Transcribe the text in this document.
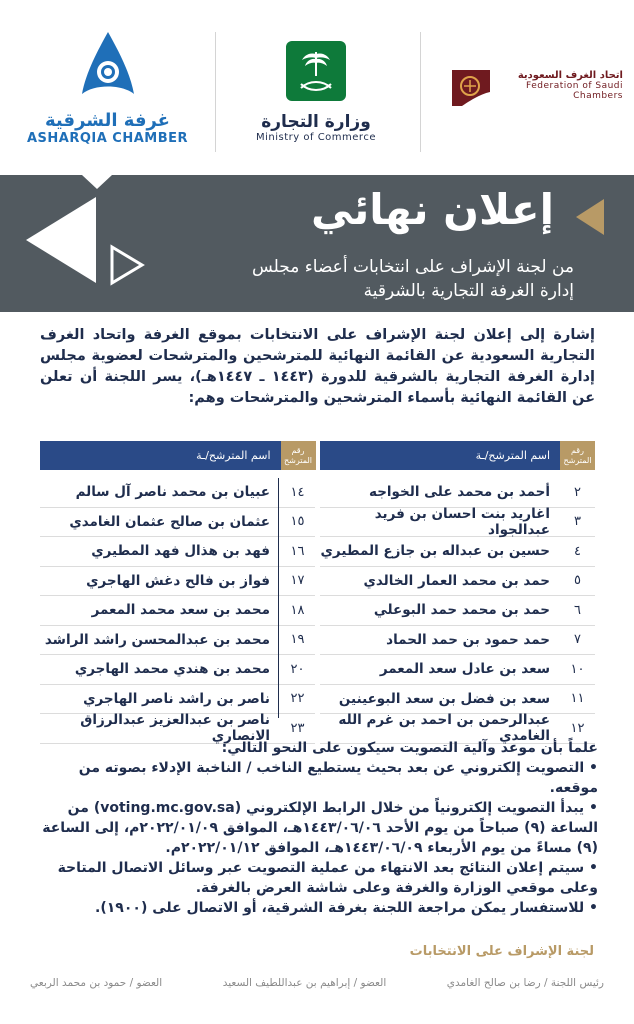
غرفة الشرقية
ASHARQIA CHAMBER
وزارة التجارة
Ministry of Commerce
اتحاد الغرف السعودية
Federation of Saudi Chambers
إعلان نهائي
من لجنة الإشراف على انتخابات أعضاء مجلس
إدارة الغرفة التجارية بالشرقية
إشارة إلى إعلان لجنة الإشراف على الانتخابات بموقع الغرفة واتحاد الغرف التجارية السعودية عن القائمة النهائية للمترشحين والمترشحات لعضوية مجلس إدارة الغرفة التجارية بالشرقية للدورة (١٤٤٣ ـ ١٤٤٧هـ)، يسر اللجنة أن تعلن عن القائمة النهائية بأسماء المترشحين والمترشحات وهم:
رقم المترشح
اسم المترشح/ـة
رقم المترشح
اسم المترشح/ـة
٢
أحمد بن محمد على الخواجه
١٤
عبيان بن محمد ناصر آل سالم
٣
اغاريد بنت احسان بن فريد عبدالجواد
١٥
عثمان بن صالح عثمان الغامدي
٤
حسين بن عبداله بن جازع المطيري
١٦
فهد بن هذال فهد المطيري
٥
حمد بن محمد العمار الخالدي
١٧
فواز بن فالح دغش الهاجري
٦
حمد بن محمد حمد البوعلي
١٨
محمد بن سعد محمد المعمر
٧
حمد حمود بن حمد الحماد
١٩
محمد بن عبدالمحسن راشد الراشد
١٠
سعد بن عادل سعد المعمر
٢٠
محمد بن هندي محمد الهاجري
١١
سعد بن فضل بن سعد البوعينين
٢٢
ناصر بن راشد ناصر الهاجري
١٢
عبدالرحمن بن احمد بن غرم الله الغامدي
٢٣
ناصر بن عبدالعزيز عبدالرزاق الانصاري

علماً بأن موعد وآلية التصويت سيكون على النحو التالي:

• التصويت إلكتروني عن بعد بحيث يستطيع الناخب / الناخبة الإدلاء بصوته من موقعه.

• يبدأ التصويت إلكترونياً من خلال الرابط الإلكتروني (voting.mc.gov.sa) من الساعة (٩) صباحاً من يوم الأحد ١٤٤٣/٠٦/٠٦هـ، الموافق ٢٠٢٢/٠١/٠٩م، إلى الساعة (٩) مساءً من يوم الأربعاء ١٤٤٣/٠٦/٠٩هـ، الموافق ٢٠٢٢/٠١/١٢م.

• سيتم إعلان النتائج بعد الانتهاء من عملية التصويت عبر وسائل الاتصال المتاحة وعلى موقعي الوزارة والغرفة وعلى شاشة العرض بالغرفة.

• للاستفسار يمكن مراجعة اللجنة بغرفة الشرقية، أو الاتصال على (١٩٠٠).

لجنة الإشراف على الانتخابات
رئيس اللجنة / رضا بن صالح الغامدي
العضو / إبراهيم بن عبداللطيف السعيد
العضو / حمود بن محمد الربعي
